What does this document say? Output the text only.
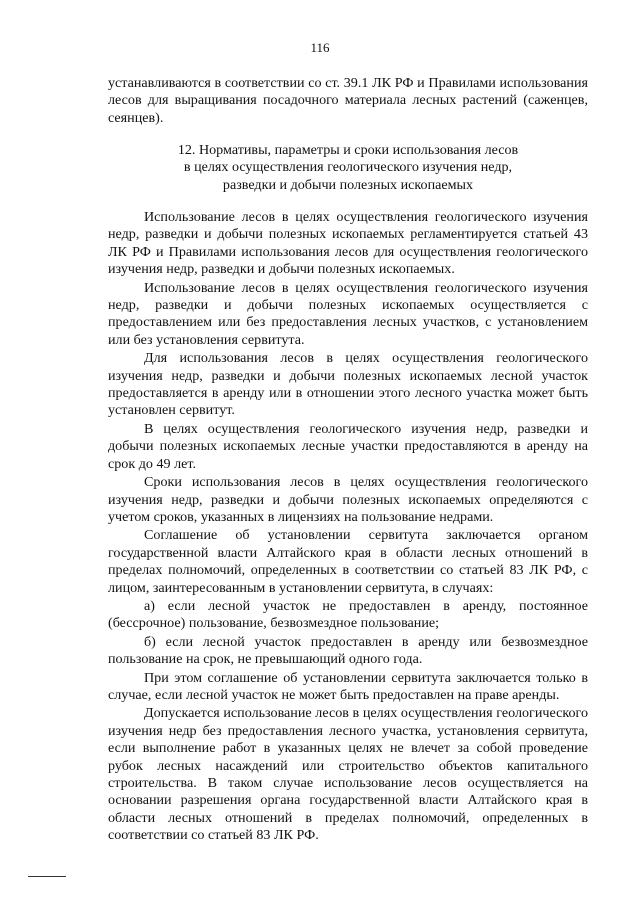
116

устанавливаются в соответствии со ст. 39.1 ЛК РФ и Правилами использования лесов для выращивания посадочного материала лесных растений (саженцев, сеянцев).

12. Нормативы, параметры и сроки использования лесов
в целях осуществления геологического изучения недр,
разведки и добычи полезных ископаемых

Использование лесов в целях осуществления геологического изучения недр, разведки и добычи полезных ископаемых регламентируется статьей 43 ЛК РФ и Правилами использования лесов для осуществления геологического изучения недр, разведки и добычи полезных ископаемых.

Использование лесов в целях осуществления геологического изучения недр, разведки и добычи полезных ископаемых осуществляется с предоставлением или без предоставления лесных участков, с установлением или без установления сервитута.

Для использования лесов в целях осуществления геологического изучения недр, разведки и добычи полезных ископаемых лесной участок предоставляется в аренду или в отношении этого лесного участка может быть установлен сервитут.

В целях осуществления геологического изучения недр, разведки и добычи полезных ископаемых лесные участки предоставляются в аренду на срок до 49 лет.

Сроки использования лесов в целях осуществления геологического изучения недр, разведки и добычи полезных ископаемых определяются с учетом сроков, указанных в лицензиях на пользование недрами.

Соглашение об установлении сервитута заключается органом государственной власти Алтайского края в области лесных отношений в пределах полномочий, определенных в соответствии со статьей 83 ЛК РФ, с лицом, заинтересованным в установлении сервитута, в случаях:

а) если лесной участок не предоставлен в аренду, постоянное (бессрочное) пользование, безвозмездное пользование;

б) если лесной участок предоставлен в аренду или безвозмездное пользование на срок, не превышающий одного года.

При этом соглашение об установлении сервитута заключается только в случае, если лесной участок не может быть предоставлен на праве аренды.

Допускается использование лесов в целях осуществления геологического изучения недр без предоставления лесного участка, установления сервитута, если выполнение работ в указанных целях не влечет за собой проведение рубок лесных насаждений или строительство объектов капитального строительства. В таком случае использование лесов осуществляется на основании разрешения органа государственной власти Алтайского края в области лесных отношений в пределах полномочий, определенных в соответствии со статьей 83 ЛК РФ.
